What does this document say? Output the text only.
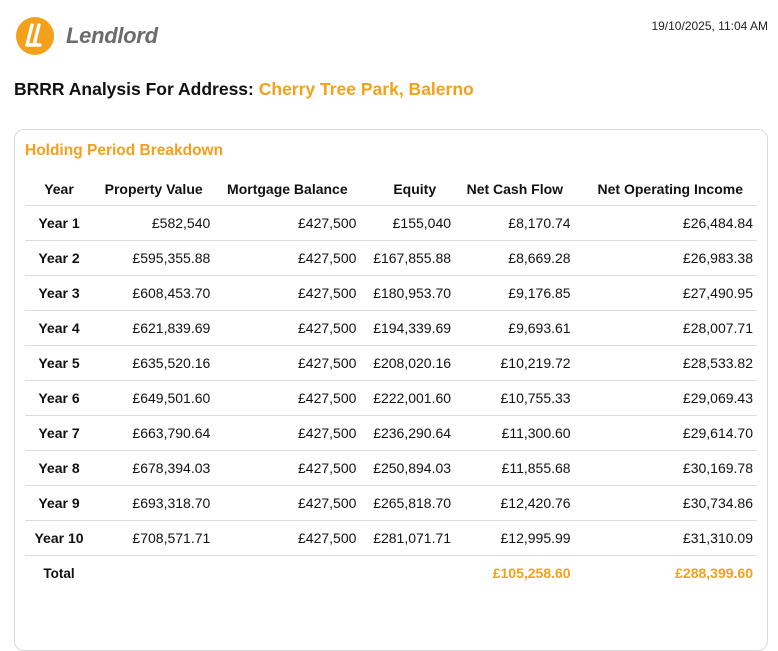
Lendlord	19/10/2025, 11:04 AM
BRRR Analysis For Address: Cherry Tree Park, Balerno
Holding Period Breakdown
Year	Property Value	Mortgage Balance	Equity	Net Cash Flow	Net Operating Income
Year 1	£582,540	£427,500	£155,040	£8,170.74	£26,484.84
Year 2	£595,355.88	£427,500	£167,855.88	£8,669.28	£26,983.38
Year 3	£608,453.70	£427,500	£180,953.70	£9,176.85	£27,490.95
Year 4	£621,839.69	£427,500	£194,339.69	£9,693.61	£28,007.71
Year 5	£635,520.16	£427,500	£208,020.16	£10,219.72	£28,533.82
Year 6	£649,501.60	£427,500	£222,001.60	£10,755.33	£29,069.43
Year 7	£663,790.64	£427,500	£236,290.64	£11,300.60	£29,614.70
Year 8	£678,394.03	£427,500	£250,894.03	£11,855.68	£30,169.78
Year 9	£693,318.70	£427,500	£265,818.70	£12,420.76	£30,734.86
Year 10	£708,571.71	£427,500	£281,071.71	£12,995.99	£31,310.09
Total				£105,258.60	£288,399.60
